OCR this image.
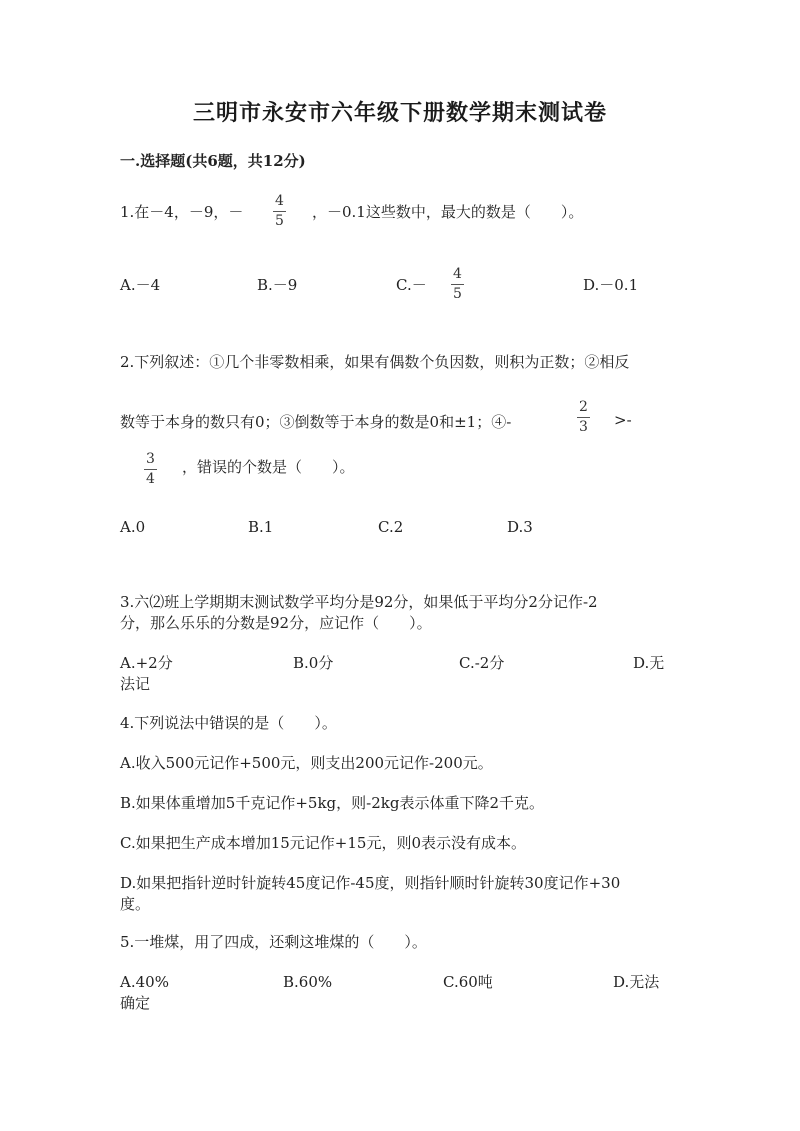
三明市永安市六年级下册数学期末测试卷
一.选择题(共6题，共12分)
1.在－4，－9，－
4
5 ，－0.1这些数中，最大的数是（　　）。
A.－4	B.－9	C.－
4
5	D.－0.1
2.下列叙述：①几个非零数相乘，如果有偶数个负因数，则积为正数；②相反
数等于本身的数只有0；③倒数等于本身的数是0和±1；④-
2
3 >-
3
4
，错误的个数是（　　）。
A.0	B.1	C.2	D.3
3.六⑵班上学期期末测试数学平均分是92分，如果低于平均分2分记作-2
分，那么乐乐的分数是92分，应记作（　　）。
A.+2分	B.0分	C.-2分	D.无
法记
4.下列说法中错误的是（　　）。
A.收入500元记作+500元，则支出200元记作-200元。
B.如果体重增加5千克记作+5kg，则-2kg表示体重下降2千克。
C.如果把生产成本增加15元记作+15元，则0表示没有成本。
D.如果把指针逆时针旋转45度记作-45度，则指针顺时针旋转30度记作+30
度。
5.一堆煤，用了四成，还剩这堆煤的（　　）。
A.40%	B.60%	C.60吨	D.无法
确定
